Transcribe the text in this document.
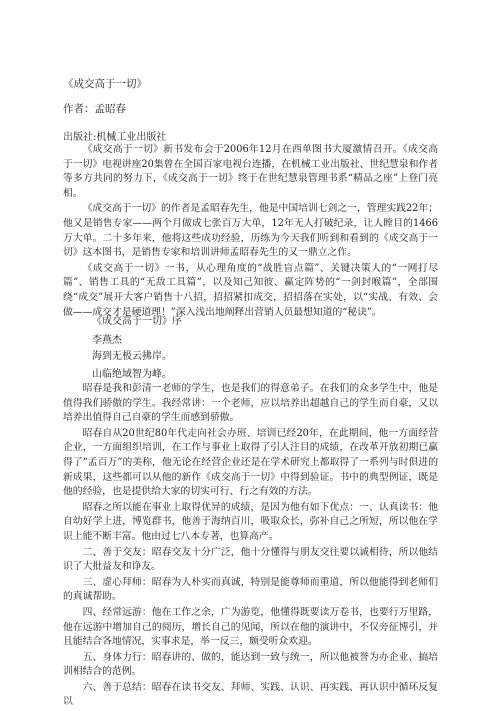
《成交高于一切》
作者：孟昭春
出版社:机械工业出版社

《成交高于一切》新书发布会于2006年12月在西单图书大厦激情召开。《成交高于一切》电视讲座20集曾在全国百家电视台连播，在机械工业出版社、世纪慧泉和作者等多方共同的努力下，《成交高于一切》终于在世纪慧泉管理书系“精品之座”上登门亮相。

《成交高于一切》的作者是孟昭春先生，他是中国培训七剑之一，管理实践22年；他又是销售专家——两个月做成七张百万大单，12年无人打破纪录，让人瞠目的1466万大单。二十多年来，他将这些成功经验，历练为今天我们听到和看到的《成交高于一切》这本图书，是销售专家和培训讲师孟昭春先生的又一鼎立之作。

《成交高于一切》一书，从心理角度的“战胜盲点篇”、关键决策人的“一网打尽篇”、销售工具的“无敌工具篇”，以及知己知彼、赢定阵势的“一剑封喉篇”，全部围绕“成交”展开大客户销售十八招，招招紧扣成交，招招落在实处，以“实战、有效、会做——成交才是硬道理！”深入浅出地阐释出营销人员最想知道的“秘诀”。

《成交高于一切》序
李燕杰
海到无极云拂岸。
山临绝域智为峰。

昭春是我和彭清一老师的学生，也是我们的得意弟子。在我们的众多学生中，他是值得我们骄傲的学生。我经常讲：一个老师，应以培养出超越自己的学生而自豪，又以培养出值得自己自豪的学生而感到骄傲。

昭春自从20世纪80年代走向社会办班、培训已经20年，在此期间，他一方面经营企业，一方面组织培训，在工作与事业上取得了引人注目的成绩，在改革开放初期已赢得了“孟百万”的美称，他无论在经营企业还是在学术研究上都取得了一系列与时俱进的新成果，这些都可以从他的新作《成交高于一切》中得到验证。书中的典型例证，既是他的经验，也是提供给大家的切实可行、行之有效的方法。

昭春之所以能在事业上取得优异的成绩，是因为他有如下优点：一、认真读书：他自幼好学上进，博览群书，他善于海纳百川，吸取众长，弥补自己之所短，所以他在学识上能不断丰富。他由过七八本专著，也算高产。

二、善于交友：昭春交友十分广泛，他十分懂得与朋友交往要以诚相待，所以他结识了大批益友和诤友。

三、虚心拜师：昭春为人朴实而真诚，特别是能尊师而重道，所以他能得到老师们的真诚帮助。

四、经常远游：他在工作之余，广为游览，他懂得既要读万卷书，也要行万里路，他在远游中增加自己的阅历，增长自己的见闻，所以在他的演讲中，不仅旁征博引，并且能结合各地情况，实事求是，举一反三，颇受听众欢迎。

五、身体力行：昭春讲的、做的，能达到一致与统一，所以他被誉为办企业、搞培训相结合的范例。

六、善于总结：昭春在读书交友、拜师、实践、认识、再实践、再认识中循环反复以
